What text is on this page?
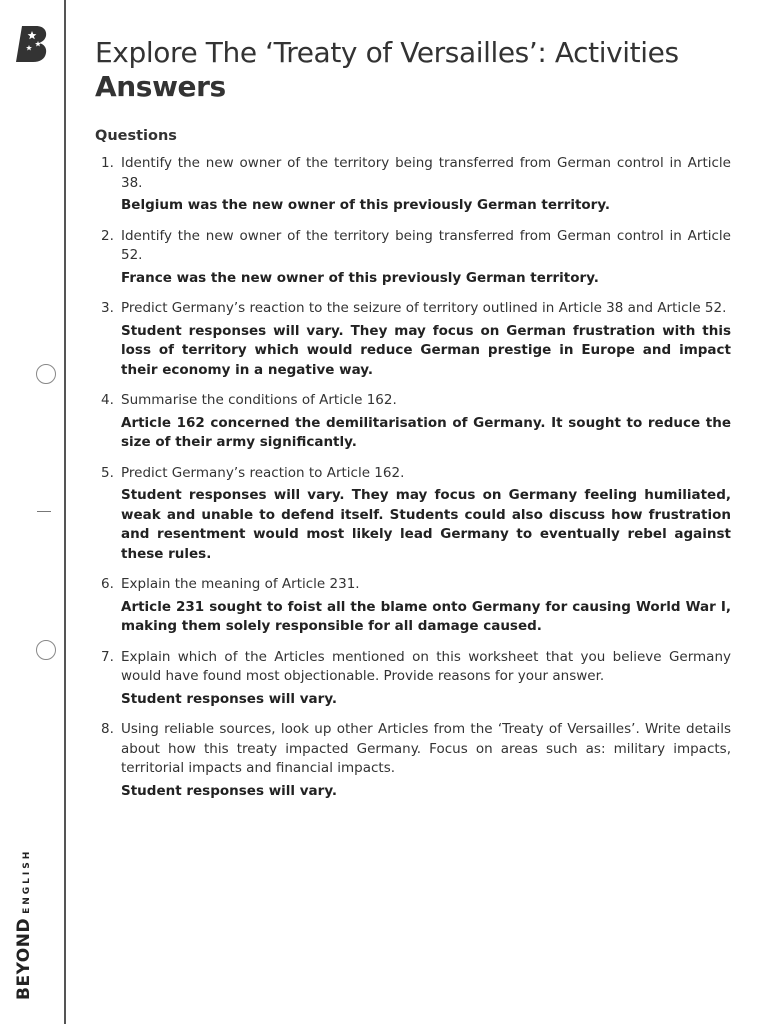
BEYONDENGLISH
Explore The ‘Treaty of Versailles’: Activities
Answers
Questions
1. Identify the new owner of the territory being transferred from German control in Article 38.

Belgium was the new owner of this previously German territory.

2. Identify the new owner of the territory being transferred from German control in Article 52.

France was the new owner of this previously German territory.

3. Predict Germany’s reaction to the seizure of territory outlined in Article 38 and Article 52.

Student responses will vary. They may focus on German frustration with this loss of territory which would reduce German prestige in Europe and impact their economy in a negative way.

4. Summarise the conditions of Article 162.

Article 162 concerned the demilitarisation of Germany. It sought to reduce the size of their army significantly.

5. Predict Germany’s reaction to Article 162.

Student responses will vary. They may focus on Germany feeling humiliated, weak and unable to defend itself. Students could also discuss how frustration and resentment would most likely lead Germany to eventually rebel against these rules.

6. Explain the meaning of Article 231.

Article 231 sought to foist all the blame onto Germany for causing World War I, making them solely responsible for all damage caused.

7. Explain which of the Articles mentioned on this worksheet that you believe Germany would have found most objectionable. Provide reasons for your answer.

Student responses will vary.

8. Using reliable sources, look up other Articles from the ‘Treaty of Versailles’. Write details about how this treaty impacted Germany. Focus on areas such as: military impacts, territorial impacts and financial impacts.

Student responses will vary.
